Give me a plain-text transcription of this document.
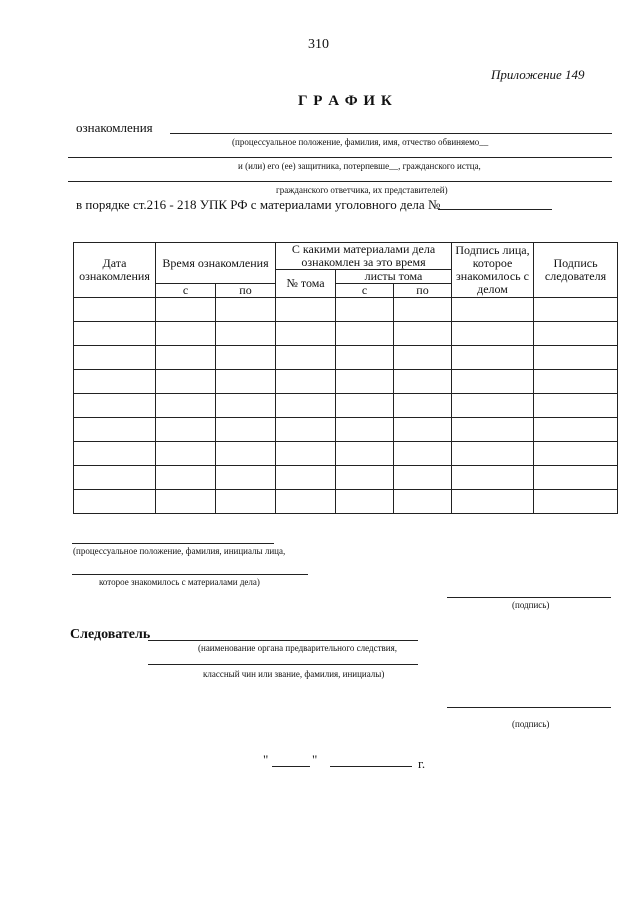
310
Приложение 149
Г Р А Ф И К
ознакомления
(процессуальное положение, фамилия, имя, отчество обвиняемо__
и (или) его (ее) защитника, потерпевше__, гражданского истца,
гражданского ответчика, их представителей)
в порядке ст.216 - 218 УПК РФ с материалами уголовного дела №
Дата ознакомления	Время ознакомления		С какими материалами дела ознакомлен за это время			Подпись лица, которое знакомилось с делом	Подпись следователя
			№ тома	листы тома			
	с	по		с	по		

(процессуальное положение, фамилия, инициалы лица,
которое знакомилось с материалами дела)
(подпись)
Следователь
(наименование органа предварительного следствия,
классный чин или звание, фамилия, инициалы)
(подпись)
"	"	г.
